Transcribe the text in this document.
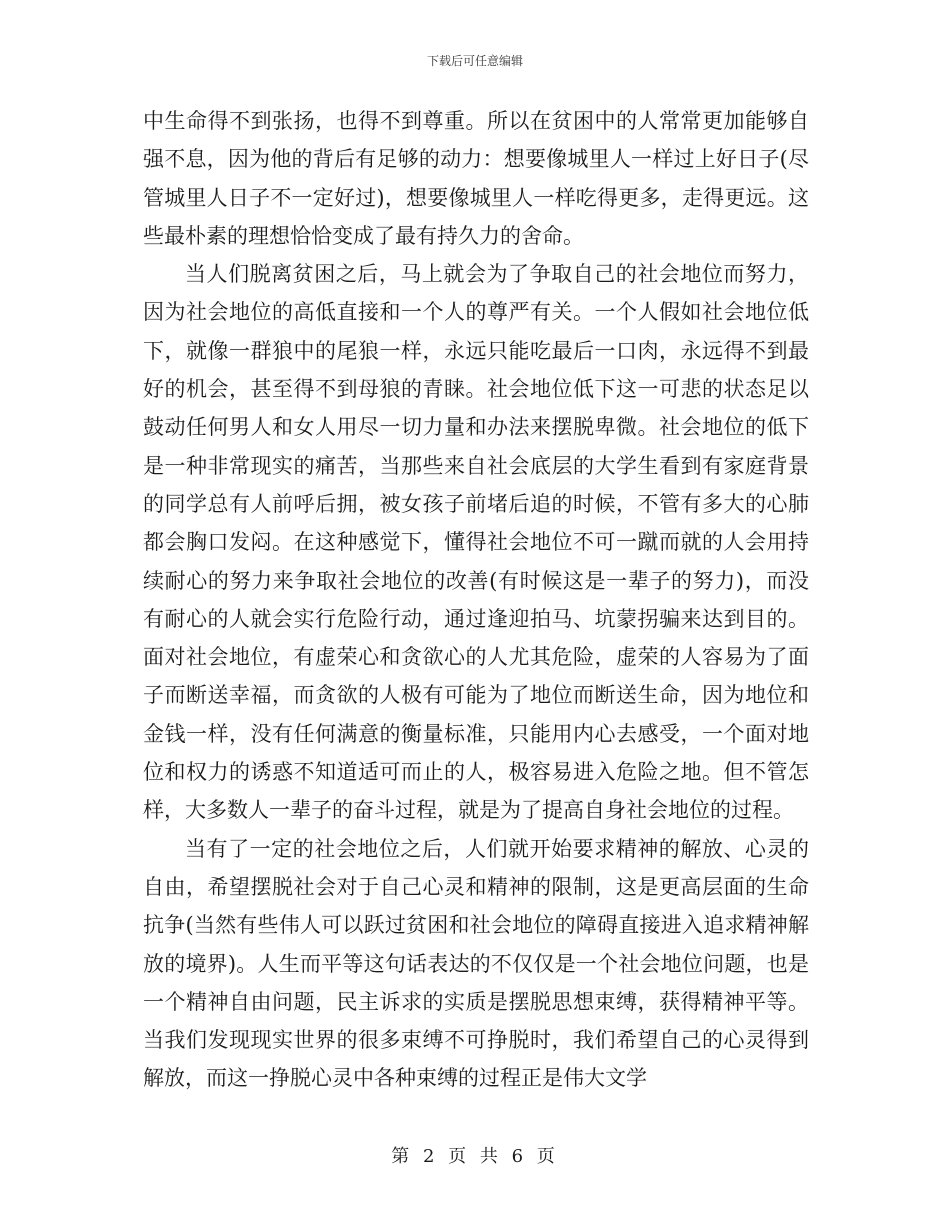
下载后可任意编辑

中生命得不到张扬，也得不到尊重。所以在贫困中的人常常更加能够自强不息，因为他的背后有足够的动力：想要像城里人一样过上好日子(尽管城里人日子不一定好过)，想要像城里人一样吃得更多，走得更远。这些最朴素的理想恰恰变成了最有持久力的舍命。

当人们脱离贫困之后，马上就会为了争取自己的社会地位而努力，因为社会地位的高低直接和一个人的尊严有关。一个人假如社会地位低下，就像一群狼中的尾狼一样，永远只能吃最后一口肉，永远得不到最好的机会，甚至得不到母狼的青睐。社会地位低下这一可悲的状态足以鼓动任何男人和女人用尽一切力量和办法来摆脱卑微。社会地位的低下是一种非常现实的痛苦，当那些来自社会底层的大学生看到有家庭背景的同学总有人前呼后拥，被女孩子前堵后追的时候，不管有多大的心肺都会胸口发闷。在这种感觉下，懂得社会地位不可一蹴而就的人会用持续耐心的努力来争取社会地位的改善(有时候这是一辈子的努力)，而没有耐心的人就会实行危险行动，通过逢迎拍马、坑蒙拐骗来达到目的。面对社会地位，有虚荣心和贪欲心的人尤其危险，虚荣的人容易为了面子而断送幸福，而贪欲的人极有可能为了地位而断送生命，因为地位和金钱一样，没有任何满意的衡量标准，只能用内心去感受，一个面对地位和权力的诱惑不知道适可而止的人，极容易进入危险之地。但不管怎样，大多数人一辈子的奋斗过程，就是为了提高自身社会地位的过程。

当有了一定的社会地位之后，人们就开始要求精神的解放、心灵的自由，希望摆脱社会对于自己心灵和精神的限制，这是更高层面的生命抗争(当然有些伟人可以跃过贫困和社会地位的障碍直接进入追求精神解放的境界)。人生而平等这句话表达的不仅仅是一个社会地位问题，也是一个精神自由问题，民主诉求的实质是摆脱思想束缚，获得精神平等。当我们发现现实世界的很多束缚不可挣脱时，我们希望自己的心灵得到解放，而这一挣脱心灵中各种束缚的过程正是伟大文学

第 2 页 共 6 页
